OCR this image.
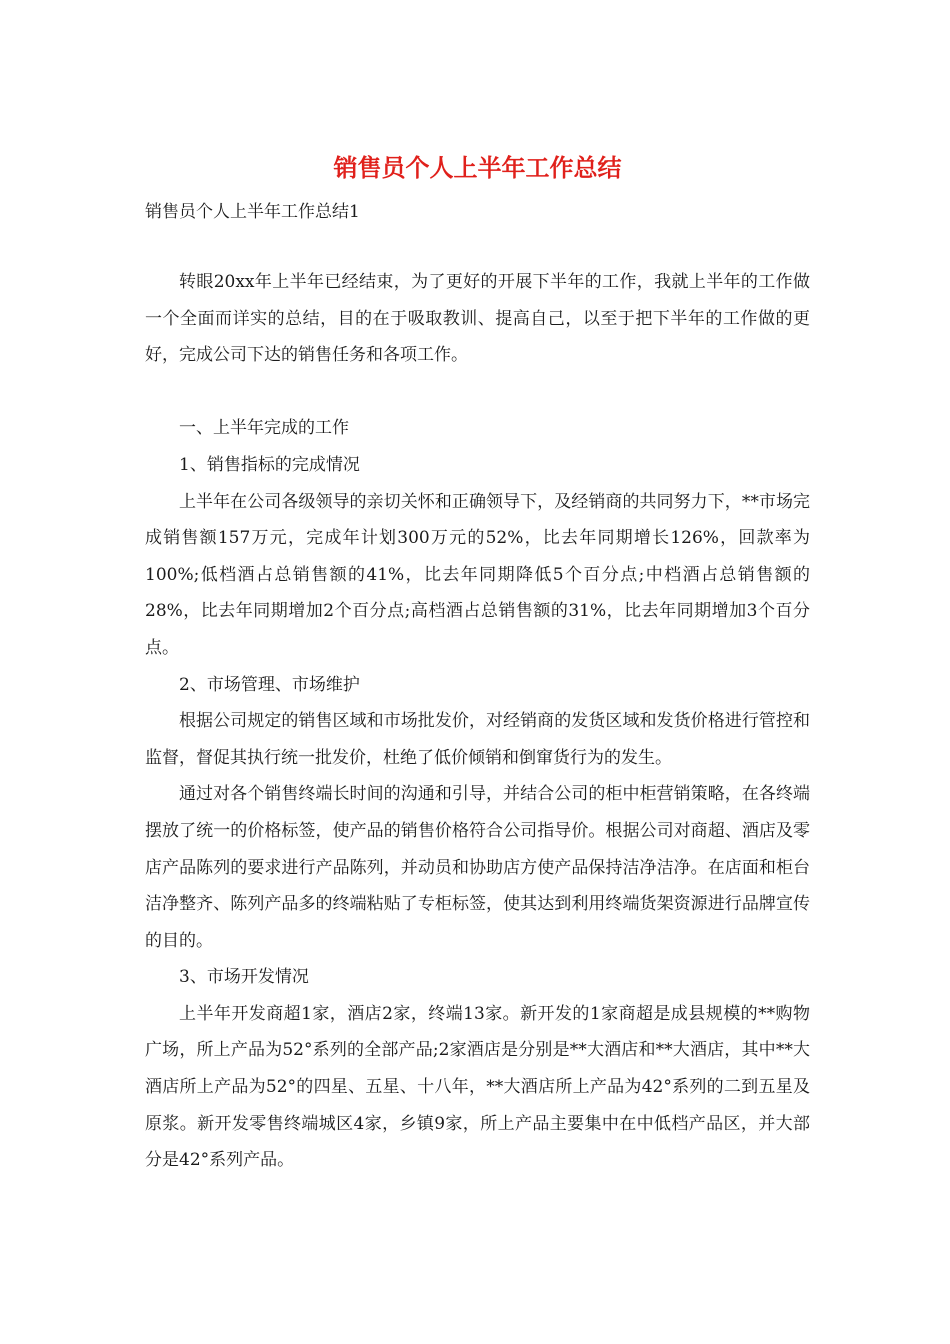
销售员个人上半年工作总结

销售员个人上半年工作总结1

转眼20xx年上半年已经结束，为了更好的开展下半年的工作，我就上半年的工作做一个全面而详实的总结，目的在于吸取教训、提高自己，以至于把下半年的工作做的更好，完成公司下达的销售任务和各项工作。

一、上半年完成的工作

1、销售指标的完成情况

上半年在公司各级领导的亲切关怀和正确领导下，及经销商的共同努力下，**市场完成销售额157万元，完成年计划300万元的52%，比去年同期增长126%，回款率为100%;低档酒占总销售额的41%，比去年同期降低5个百分点;中档酒占总销售额的28%，比去年同期增加2个百分点;高档酒占总销售额的31%，比去年同期增加3个百分点。

2、市场管理、市场维护

根据公司规定的销售区域和市场批发价，对经销商的发货区域和发货价格进行管控和监督，督促其执行统一批发价，杜绝了低价倾销和倒窜货行为的发生。

通过对各个销售终端长时间的沟通和引导，并结合公司的柜中柜营销策略，在各终端摆放了统一的价格标签，使产品的销售价格符合公司指导价。根据公司对商超、酒店及零店产品陈列的要求进行产品陈列，并动员和协助店方使产品保持洁净洁净。在店面和柜台洁净整齐、陈列产品多的终端粘贴了专柜标签，使其达到利用终端货架资源进行品牌宣传的目的。

3、市场开发情况

上半年开发商超1家，酒店2家，终端13家。新开发的1家商超是成县规模的**购物广场，所上产品为52°系列的全部产品;2家酒店是分别是**大酒店和**大酒店，其中**大酒店所上产品为52°的四星、五星、十八年，**大酒店所上产品为42°系列的二到五星及原浆。新开发零售终端城区4家，乡镇9家，所上产品主要集中在中低档产品区，并大部分是42°系列产品。
